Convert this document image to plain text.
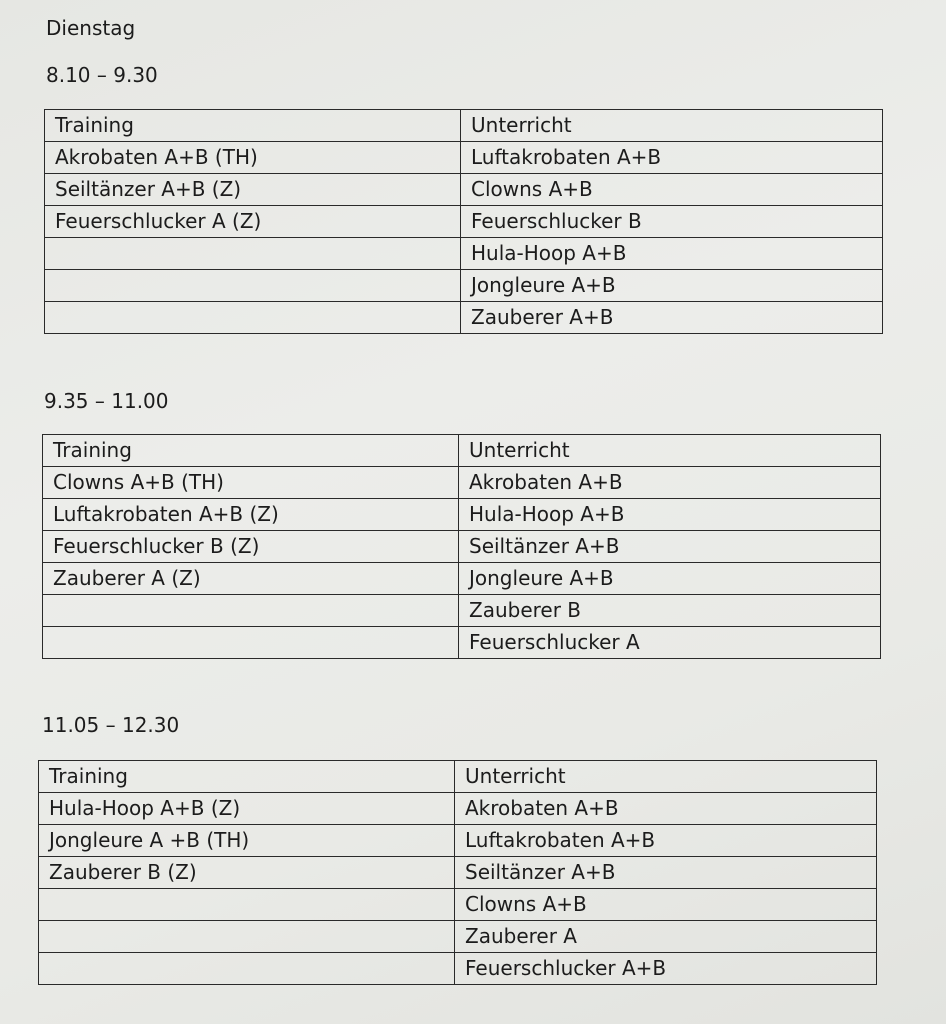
Dienstag
8.10 – 9.30
Training	Unterricht
Akrobaten A+B (TH)	Luftakrobaten A+B
Seiltänzer A+B (Z)	Clowns A+B
Feuerschlucker A (Z)	Feuerschlucker B
	Hula-Hoop A+B
	Jongleure A+B
	Zauberer A+B
9.35 – 11.00
Training	Unterricht
Clowns A+B (TH)	Akrobaten A+B
Luftakrobaten A+B (Z)	Hula-Hoop A+B
Feuerschlucker B (Z)	Seiltänzer A+B
Zauberer A (Z)	Jongleure A+B
	Zauberer B
	Feuerschlucker A
11.05 – 12.30
Training	Unterricht
Hula-Hoop A+B (Z)	Akrobaten A+B
Jongleure A +B (TH)	Luftakrobaten A+B
Zauberer B (Z)	Seiltänzer A+B
	Clowns A+B
	Zauberer A
	Feuerschlucker A+B
